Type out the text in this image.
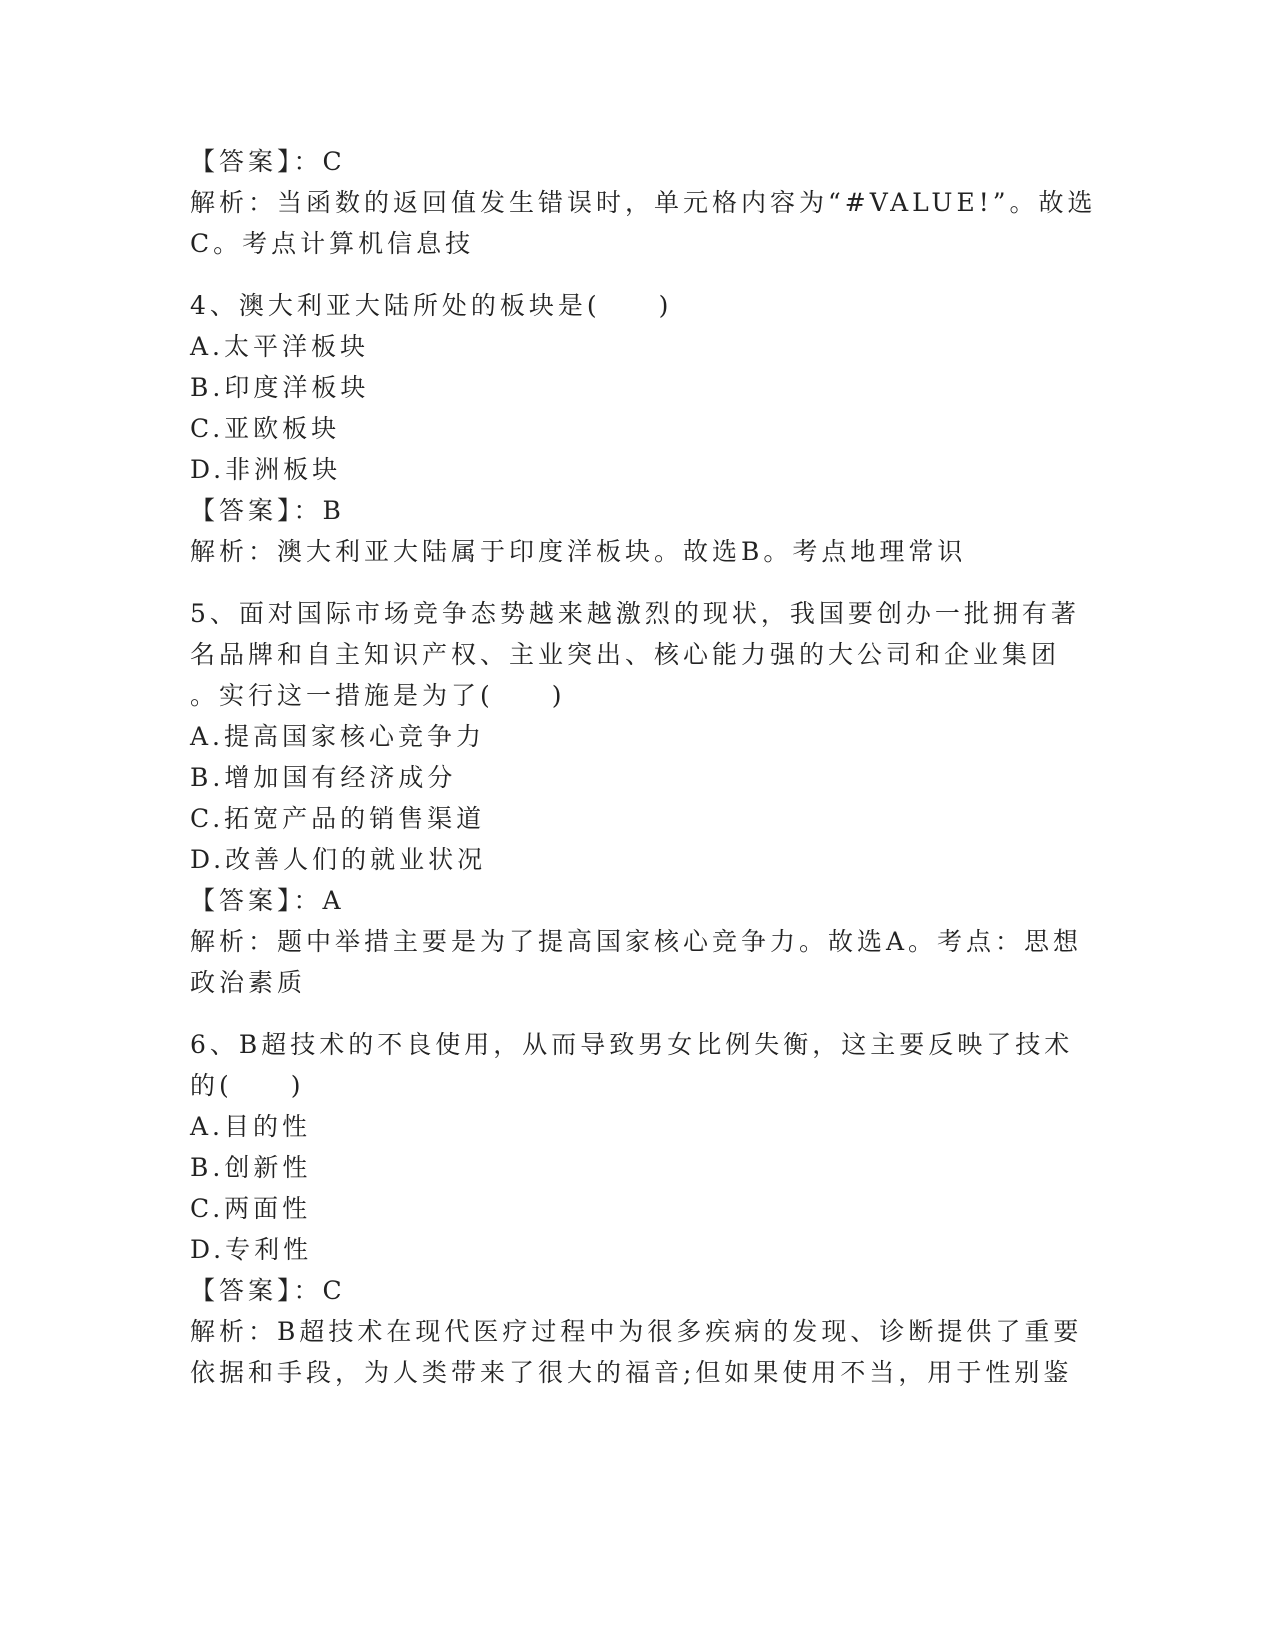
【答案】：C
解析：当函数的返回值发生错误时，单元格内容为“#VALUE!”。故选
C。考点计算机信息技
4、澳大利亚大陆所处的板块是(　　)
A.太平洋板块
B.印度洋板块
C.亚欧板块
D.非洲板块
【答案】：B
解析：澳大利亚大陆属于印度洋板块。故选B。考点地理常识
5、面对国际市场竞争态势越来越激烈的现状，我国要创办一批拥有著
名品牌和自主知识产权、主业突出、核心能力强的大公司和企业集团
。实行这一措施是为了(　　)
A.提高国家核心竞争力
B.增加国有经济成分
C.拓宽产品的销售渠道
D.改善人们的就业状况
【答案】：A
解析：题中举措主要是为了提高国家核心竞争力。故选A。考点：思想
政治素质
6、B超技术的不良使用，从而导致男女比例失衡，这主要反映了技术
的(　　)
A.目的性
B.创新性
C.两面性
D.专利性
【答案】：C
解析：B超技术在现代医疗过程中为很多疾病的发现、诊断提供了重要
依据和手段，为人类带来了很大的福音;但如果使用不当，用于性别鉴
